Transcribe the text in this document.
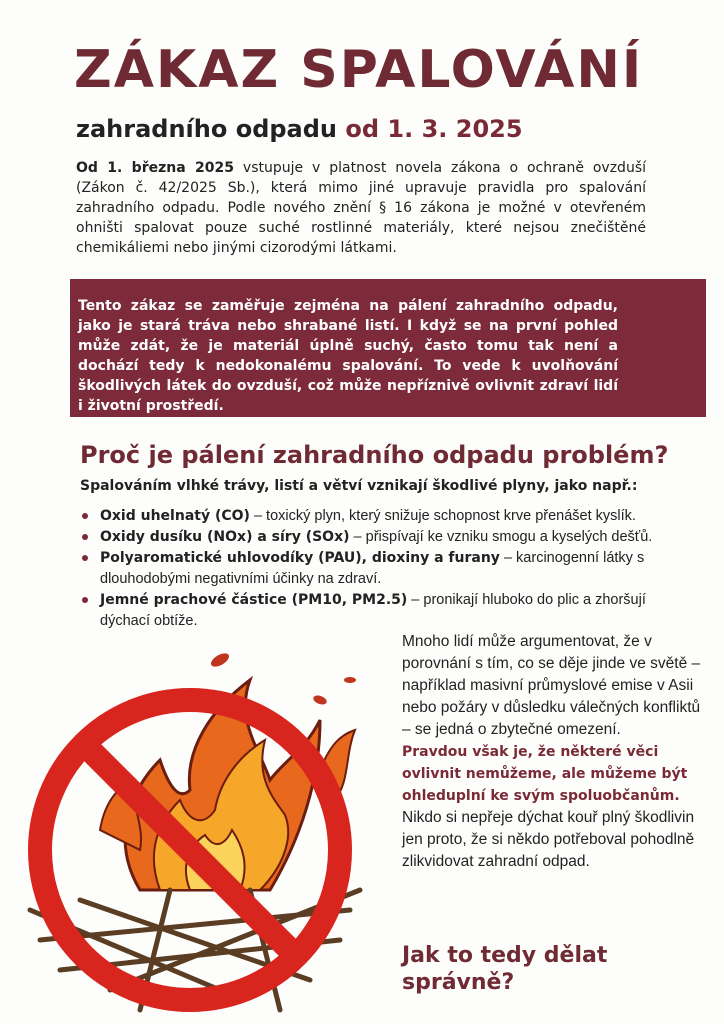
ZÁKAZ SPALOVÁNÍ
zahradního odpadu od 1. 3. 2025
Od 1. března 2025 vstupuje v platnost novela zákona o ochraně ovzduší (Zákon č. 42/2025 Sb.), která mimo jiné upravuje pravidla pro spalování zahradního odpadu. Podle nového znění § 16 zákona je možné v otevřeném ohništi spalovat pouze suché rostlinné materiály, které nejsou znečištěné chemikáliemi nebo jinými cizorodými látkami.
Tento zákaz se zaměřuje zejména na pálení zahradního odpadu, jako je stará tráva nebo shrabané listí. I když se na první pohled může zdát, že je materiál úplně suchý, často tomu tak není a dochází tedy k nedokonalému spalování. To vede k uvolňování škodlivých látek do ovzduší, což může nepříznivě ovlivnit zdraví lidí i životní prostředí.
Proč je pálení zahradního odpadu problém?
Spalováním vlhké trávy, listí a větví vznikají škodlivé plyny, jako např.:
Oxid uhelnatý (CO) – toxický plyn, který snižuje schopnost krve přenášet kyslík.
Oxidy dusíku (NOx) a síry (SOx) – přispívají ke vzniku smogu a kyselých dešťů.
Polyaromatické uhlovodíky (PAU), dioxiny a furany – karcinogenní látky s dlouhodobými negativními účinky na zdraví.
Jemné prachové částice (PM10, PM2.5) – pronikají hluboko do plic a zhoršují dýchací obtíže.
Mnoho lidí může argumentovat, že v porovnání s tím, co se děje jinde ve světě – například masivní průmyslové emise v Asii nebo požáry v důsledku válečných konfliktů – se jedná o zbytečné omezení.
Pravdou však je, že některé věci ovlivnit nemůžeme, ale můžeme být ohleduplní ke svým spoluobčanům. Nikdo si nepřeje dýchat kouř plný škodlivin jen proto, že si někdo potřeboval pohodlně zlikvidovat zahradní odpad.
Jak to tedy dělat správně?
